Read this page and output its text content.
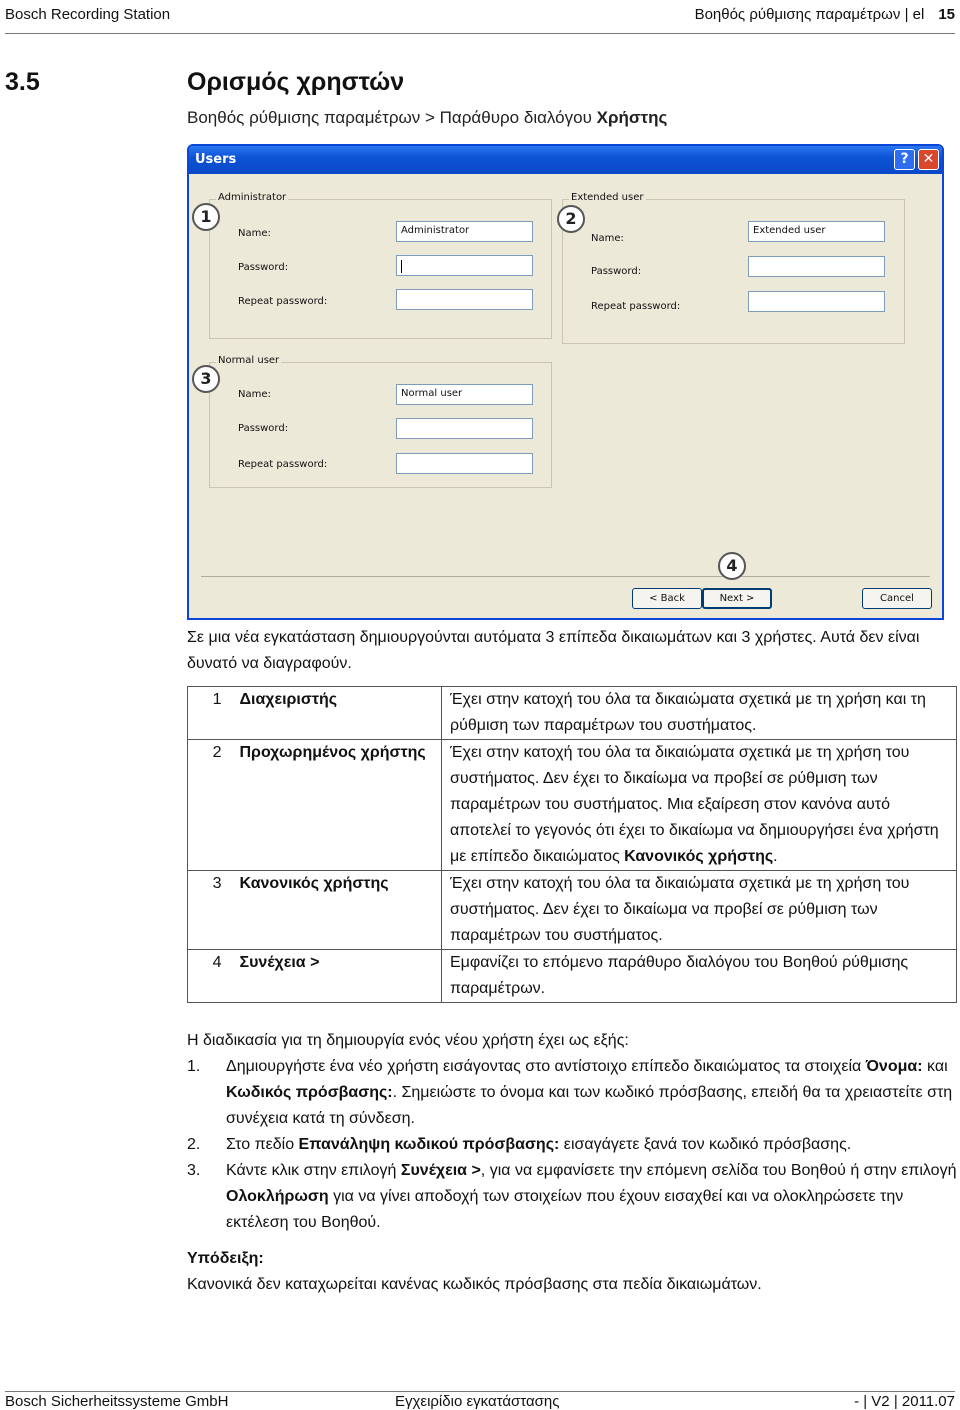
Bosch Recording Station	Βοηθός ρύθμισης παραμέτρων | el 15
3.5	Ορισμός χρηστών
Βοηθός ρύθμισης παραμέτρων > Παράθυρο διαλόγου Χρήστης
Users	?	✕
Administrator
Name:	Administrator
Password:
Repeat password:
Extended user
Name:
Extended user
Password:
Repeat password:
Normal user
Name:	Normal user
Password:
Repeat password:
< Back	Next >	Cancel
1	2
3
4
Σε μια νέα εγκατάσταση δημιουργούνται αυτόματα 3 επίπεδα δικαιωμάτων και 3 χρήστες. Αυτά δεν είναι δυνατό να διαγραφούν.
1	Διαχειριστής	Έχει στην κατοχή του όλα τα δικαιώματα σχετικά με τη χρήση και τη ρύθμιση των παραμέτρων του συστήματος.
2	Προχωρημένος χρήστης	Έχει στην κατοχή του όλα τα δικαιώματα σχετικά με τη χρήση του συστήματος. Δεν έχει το δικαίωμα να προβεί σε ρύθμιση των παραμέτρων του συστήματος. Μια εξαίρεση στον κανόνα αυτό αποτελεί το γεγονός ότι έχει το δικαίωμα να δημιουργήσει ένα χρήστη με επίπεδο δικαιώματος Κανονικός χρήστης.
3	Κανονικός χρήστης	Έχει στην κατοχή του όλα τα δικαιώματα σχετικά με τη χρήση του συστήματος. Δεν έχει το δικαίωμα να προβεί σε ρύθμιση των παραμέτρων του συστήματος.
4	Συνέχεια >	Εμφανίζει το επόμενο παράθυρο διαλόγου του Βοηθού ρύθμισης παραμέτρων.
Η διαδικασία για τη δημιουργία ενός νέου χρήστη έχει ως εξής:
1. Δημιουργήστε ένα νέο χρήστη εισάγοντας στο αντίστοιχο επίπεδο δικαιώματος τα στοιχεία Όνομα: και Κωδικός πρόσβασης:. Σημειώστε το όνομα και των κωδικό πρόσβασης, επειδή θα τα χρειαστείτε στη συνέχεια κατά τη σύνδεση.
2. Στο πεδίο Επανάληψη κωδικού πρόσβασης: εισαγάγετε ξανά τον κωδικό πρόσβασης.
3. Κάντε κλικ στην επιλογή Συνέχεια >, για να εμφανίσετε την επόμενη σελίδα του Βοηθού ή στην επιλογή Ολοκλήρωση για να γίνει αποδοχή των στοιχείων που έχουν εισαχθεί και να ολοκληρώσετε την εκτέλεση του Βοηθού.
Υπόδειξη:
Κανονικά δεν καταχωρείται κανένας κωδικός πρόσβασης στα πεδία δικαιωμάτων.
Bosch Sicherheitssysteme GmbH	Εγχειρίδιο εγκατάστασης	- | V2 | 2011.07
